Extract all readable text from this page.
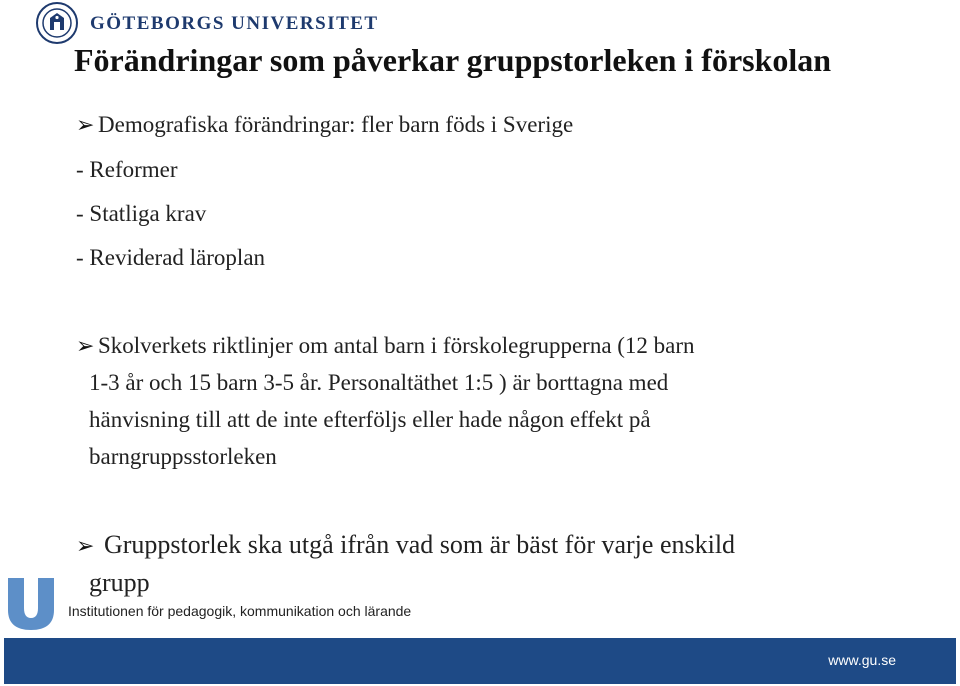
GÖTEBORGS UNIVERSITET
Förändringar som påverkar gruppstorleken i förskolan
➢ Demografiska förändringar: fler barn föds i Sverige
- Reformer
- Statliga krav
- Reviderad läroplan
➢ Skolverkets riktlinjer om antal barn i förskolegrupperna (12 barn
1-3 år och 15 barn 3-5 år. Personaltäthet 1:5 ) är borttagna med
hänvisning till att de inte efterföljs eller hade någon effekt på
barngruppsstorleken
➢ Gruppstorlek ska utgå ifrån vad som är bäst för varje enskild
grupp
Institutionen för pedagogik, kommunikation och lärande
www.gu.se
